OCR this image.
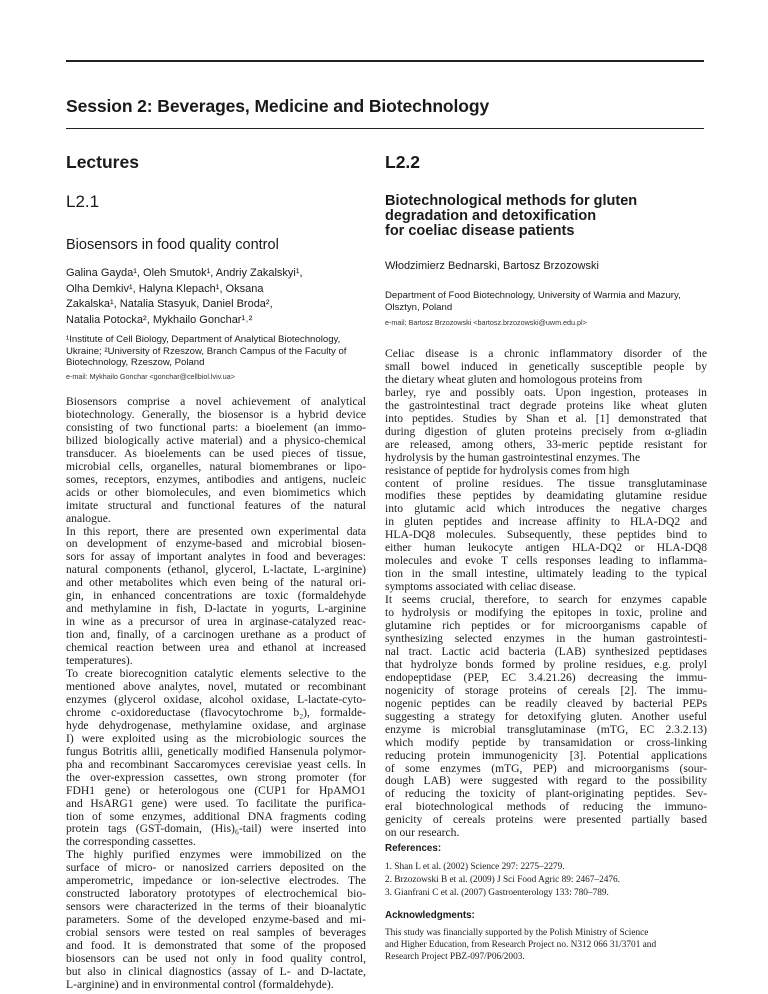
Session 2: Beverages, Medicine and Biotechnology
Lectures
L2.1
Biosensors in food quality control
Galina Gayda¹, Oleh Smutok¹, Andriy Zakalskyi¹,
Olha Demkiv¹, Halyna Klepach¹, Oksana
Zakalska¹, Natalia Stasyuk, Daniel Broda²,
Natalia Potocka², Mykhailo Gonchar¹˒²
¹Institute of Cell Biology, Department of Analytical Biotechnology,
Ukraine; ²University of Rzeszow, Branch Campus of the Faculty of
Biotechnology, Rzeszow, Poland
e-mail: Mykhailo Gonchar <gonchar@cellbiol.lviv.ua>
Biosensors comprise a novel achievement of analytical
biotechnology. Generally, the biosensor is a hybrid device
consisting of two functional parts: a bioelement (an immo-
bilized biologically active material) and a physico-chemical
transducer. As bioelements can be used pieces of tissue,
microbial cells, organelles, natural biomembranes or lipo-
somes, receptors, enzymes, antibodies and antigens, nucleic
acids or other biomolecules, and even biomimetics which
imitate structural and functional features of the natural
analogue.
In this report, there are presented own experimental data
on development of enzyme-based and microbial biosen-
sors for assay of important analytes in food and beverages:
natural components (ethanol, glycerol, L-lactate, L-arginine)
and other metabolites which even being of the natural ori-
gin, in enhanced concentrations are toxic (formaldehyde
and methylamine in fish, D-lactate in yogurts, L-arginine
in wine as a precursor of urea in arginase-catalyzed reac-
tion and, finally, of a carcinogen urethane as a product of
chemical reaction between urea and ethanol at increased
temperatures).
To create biorecognition catalytic elements selective to the
mentioned above analytes, novel, mutated or recombinant
enzymes (glycerol oxidase, alcohol oxidase, L-lactate-cyto-
chrome c-oxidoreductase (flavocytochrome b₂), formalde-
hyde dehydrogenase, methylamine oxidase, and arginase
I) were exploited using as the microbiologic sources the
fungus Botritis allii, genetically modified Hansenula polymor-
pha and recombinant Saccaromyces cerevisiae yeast cells. In
the over-expression cassettes, own strong promoter (for
FDH1 gene) or heterologous one (CUP1 for HpAMO1
and HsARG1 gene) were used. To facilitate the purifica-
tion of some enzymes, additional DNA fragments coding
protein tags (GST-domain, (His)₆-tail) were inserted into
the corresponding cassettes.
The highly purified enzymes were immobilized on the
surface of micro- or nanosized carriers deposited on the
amperometric, impedance or ion-selective electrodes. The
constructed laboratory prototypes of electrochemical bio-
sensors were characterized in the terms of their bioanalytic
parameters. Some of the developed enzyme-based and mi-
crobial sensors were tested on real samples of beverages
and food. It is demonstrated that some of the proposed
biosensors can be used not only in food quality control,
but also in clinical diagnostics (assay of L- and D-lactate,
L-arginine) and in environmental control (formaldehyde).
L2.2
Biotechnological methods for gluten
degradation and detoxification
for coeliac disease patients
Włodzimierz Bednarski, Bartosz Brzozowski
Department of Food Biotechnology, University of Warmia and Mazury,
Olsztyn, Poland
e-mail: Bartosz Brzozowski <bartosz.brzozowski@uwm.edu.pl>
Celiac disease is a chronic inflammatory disorder of the
small bowel induced in genetically susceptible people by
the dietary wheat gluten and homologous proteins from
barley, rye and possibly oats. Upon ingestion, proteases in
the gastrointestinal tract degrade proteins like wheat gluten
into peptides. Studies by Shan et al. [1] demonstrated that
during digestion of gluten proteins precisely from α-gliadin
are released, among others, 33-meric peptide resistant for
hydrolysis by the human gastrointestinal enzymes. The
resistance of peptide for hydrolysis comes from high
content of proline residues. The tissue transglutaminase
modifies these peptides by deamidating glutamine residue
into glutamic acid which introduces the negative charges
in gluten peptides and increase affinity to HLA-DQ2 and
HLA-DQ8 molecules. Subsequently, these peptides bind to
either human leukocyte antigen HLA-DQ2 or HLA-DQ8
molecules and evoke T cells responses leading to inflamma-
tion in the small intestine, ultimately leading to the typical
symptoms associated with celiac disease.
It seems crucial, therefore, to search for enzymes capable
to hydrolysis or modifying the epitopes in toxic, proline and
glutamine rich peptides or for microorganisms capable of
synthesizing selected enzymes in the human gastrointesti-
nal tract. Lactic acid bacteria (LAB) synthesized peptidases
that hydrolyze bonds formed by proline residues, e.g. prolyl
endopeptidase (PEP, EC 3.4.21.26) decreasing the immu-
nogenicity of storage proteins of cereals [2]. The immu-
nogenic peptides can be readily cleaved by bacterial PEPs
suggesting a strategy for detoxifying gluten. Another useful
enzyme is microbial transglutaminase (mTG, EC 2.3.2.13)
which modify peptide by transamidation or cross-linking
reducing protein immunogenicity [3]. Potential applications
of some enzymes (mTG, PEP) and microorganisms (sour-
dough LAB) were suggested with regard to the possibility
of reducing the toxicity of plant-originating peptides. Sev-
eral biotechnological methods of reducing the immuno-
genicity of cereals proteins were presented partially based
on our research.
References:
1. Shan L et al. (2002) Science 297: 2275–2279.
2. Brzozowski B et al. (2009) J Sci Food Agric 89: 2467–2476.
3. Gianfrani C et al. (2007) Gastroenterology 133: 780–789.
Acknowledgments:
This study was financially supported by the Polish Ministry of Science
and Higher Education, from Research Project no. N312 066 31/3701 and
Research Project PBZ-097/P06/2003.
